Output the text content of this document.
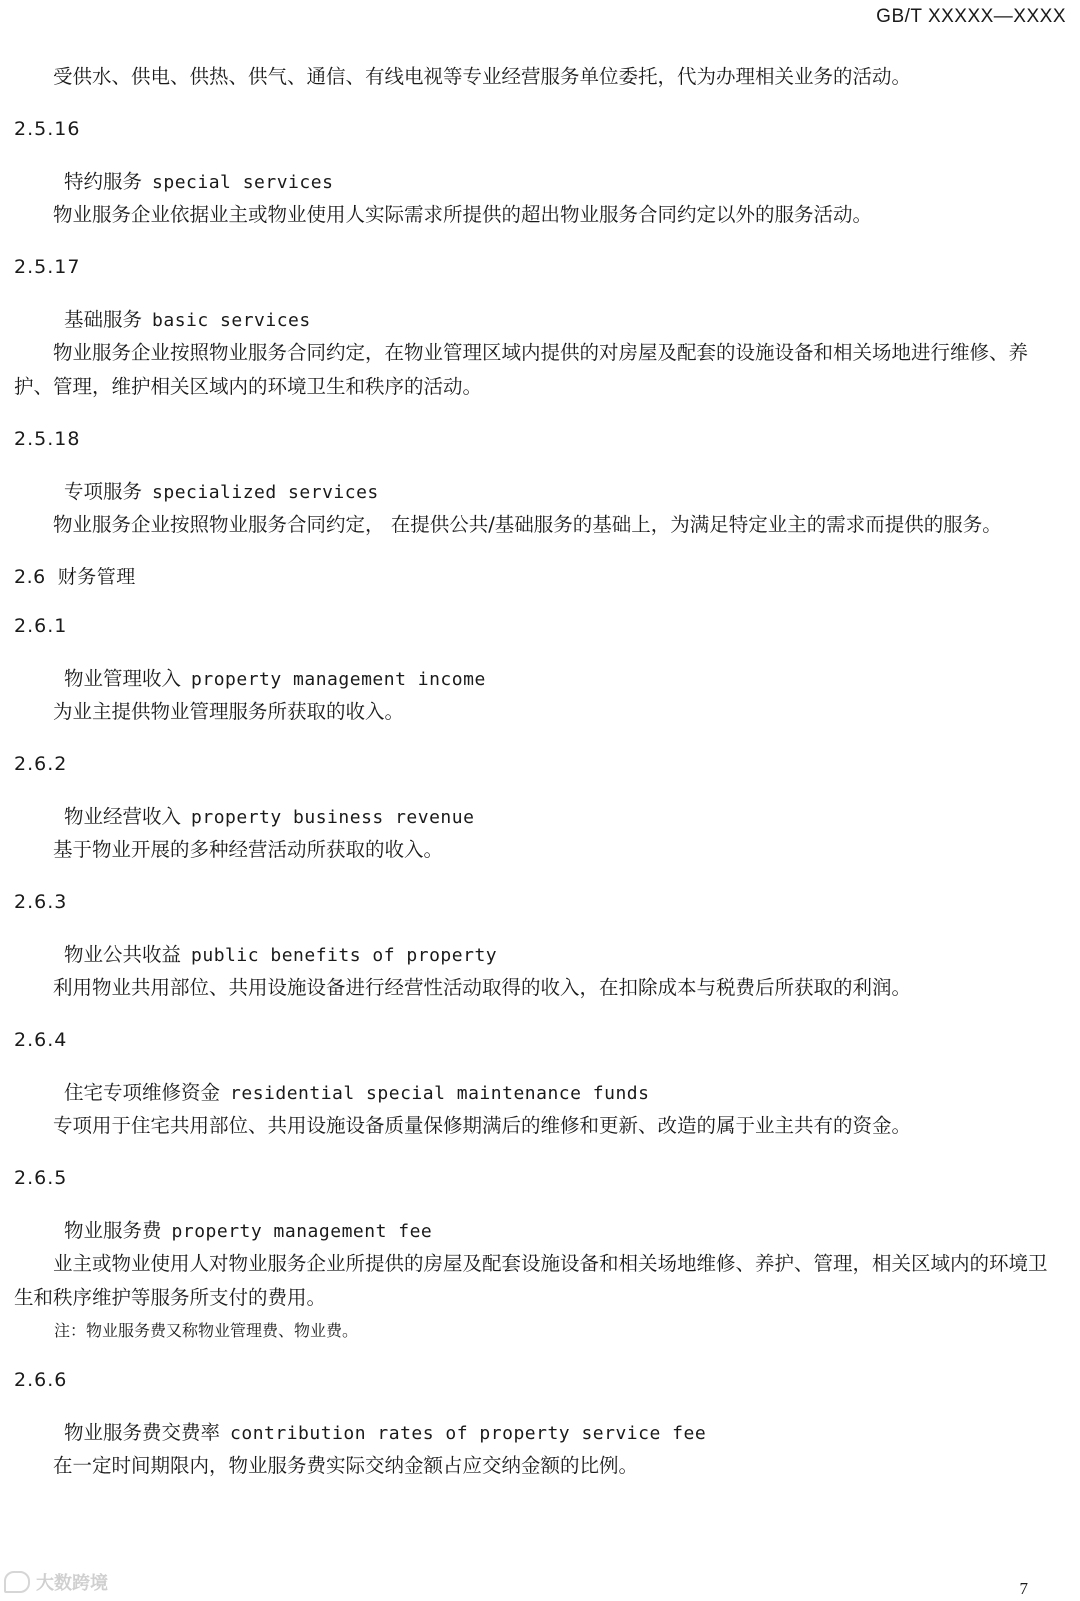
GB/T XXXXX—XXXX

受供水、供电、供热、供气、通信、有线电视等专业经营服务单位委托，代为办理相关业务的活动。

2.5.16
特约服务 special services

物业服务企业依据业主或物业使用人实际需求所提供的超出物业服务合同约定以外的服务活动。

2.5.17
基础服务 basic services

物业服务企业按照物业服务合同约定，在物业管理区域内提供的对房屋及配套的设施设备和相关场地进行维修、养护、管理，维护相关区域内的环境卫生和秩序的活动。

2.5.18
专项服务 specialized services

物业服务企业按照物业服务合同约定， 在提供公共/基础服务的基础上，为满足特定业主的需求而提供的服务。

2.6 财务管理
2.6.1
物业管理收入 property management income

为业主提供物业管理服务所获取的收入。

2.6.2
物业经营收入 property business revenue

基于物业开展的多种经营活动所获取的收入。

2.6.3
物业公共收益 public benefits of property

利用物业共用部位、共用设施设备进行经营性活动取得的收入，在扣除成本与税费后所获取的利润。

2.6.4
住宅专项维修资金 residential special maintenance funds

专项用于住宅共用部位、共用设施设备质量保修期满后的维修和更新、改造的属于业主共有的资金。

2.6.5
物业服务费 property management fee

业主或物业使用人对物业服务企业所提供的房屋及配套设施设备和相关场地维修、养护、管理，相关区域内的环境卫生和秩序维护等服务所支付的费用。

注：物业服务费又称物业管理费、物业费。
2.6.6
物业服务费交费率 contribution rates of property service fee

在一定时间期限内，物业服务费实际交纳金额占应交纳金额的比例。

大数跨境	7
